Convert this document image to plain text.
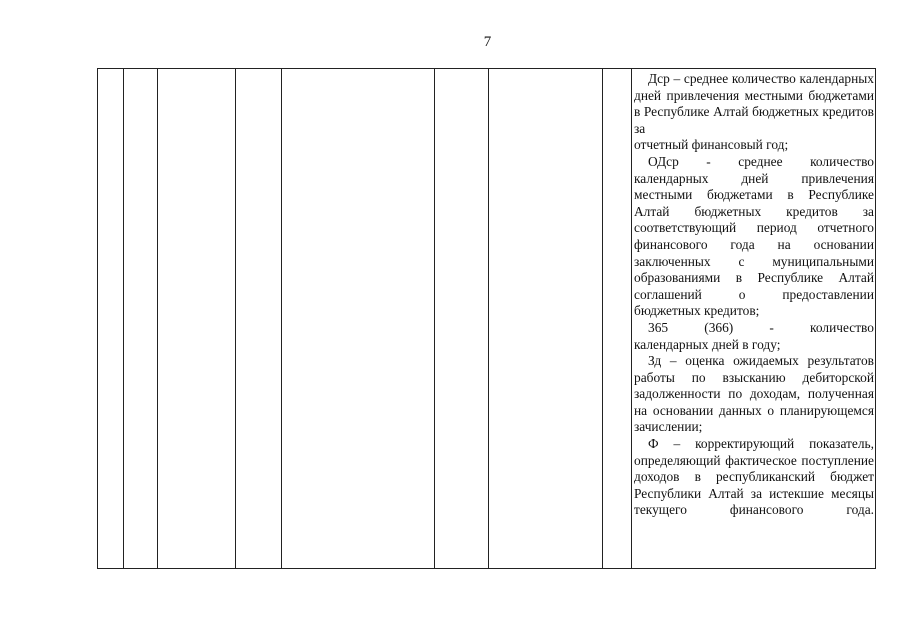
7

Дср – среднее количество календарных дней привлечения местными бюджетами в Республике Алтай бюджетных кредитов за
отчетный финансовый год;

ОДср - среднее количество календарных дней привлечения местными бюджетами в Республике Алтай бюджетных кредитов за соответствующий период отчетного финансового года на основании заключенных с муниципальными образованиями в Республике Алтай соглашений о предоставлении
бюджетных кредитов;

365 (366) - количество
календарных дней в году;

Зд – оценка ожидаемых результатов работы по взысканию дебиторской задолженности по доходам, полученная на основании данных о планирующемся
зачислении;

Ф – корректирующий показатель, определяющий фактическое поступление доходов в республиканский бюджет Республики Алтай за истекшие месяцы текущего финансового года.
